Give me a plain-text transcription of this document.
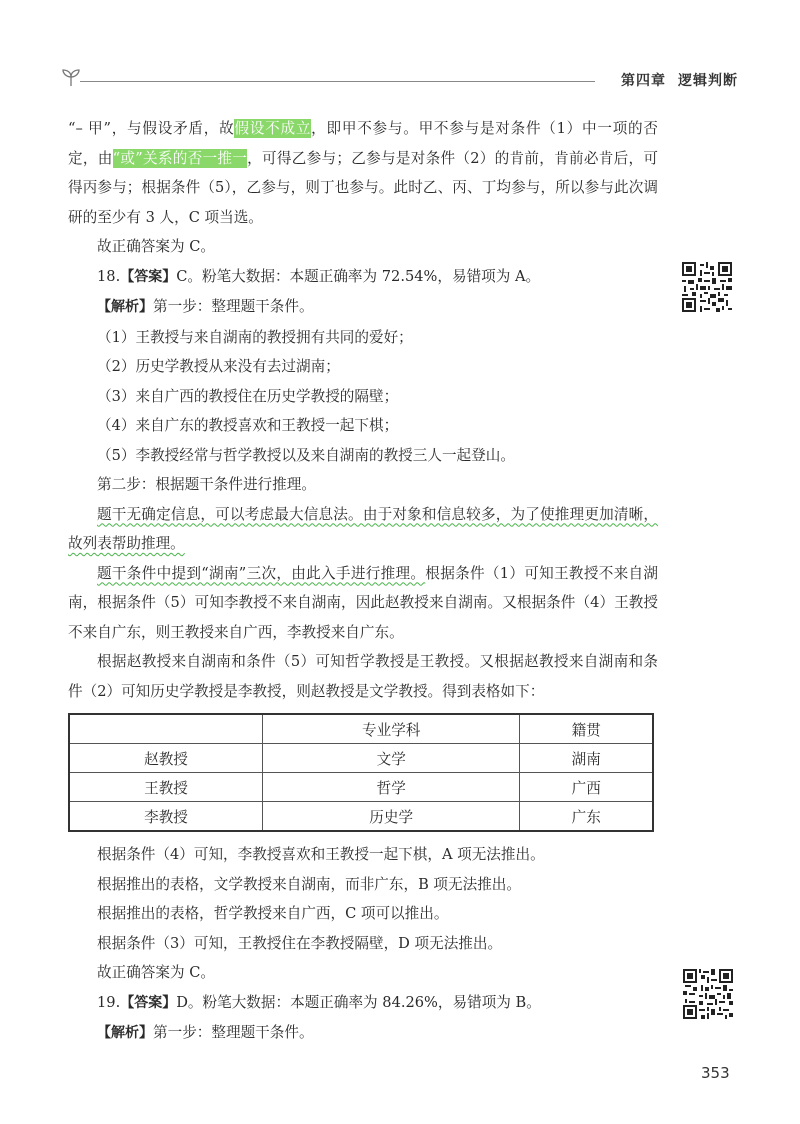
第四章 逻辑判断

“– 甲”，与假设矛盾，故假设不成立，即甲不参与。甲不参与是对条件（1）中一项的否定，由“或”关系的否一推一，可得乙参与；乙参与是对条件（2）的肯前，肯前必肯后，可得丙参与；根据条件（5），乙参与，则丁也参与。此时乙、丙、丁均参与，所以参与此次调研的至少有 3 人，C 项当选。

故正确答案为 C。

18.【答案】C。粉笔大数据：本题正确率为 72.54%，易错项为 A。

【解析】第一步：整理题干条件。

（1）王教授与来自湖南的教授拥有共同的爱好；

（2）历史学教授从来没有去过湖南；

（3）来自广西的教授住在历史学教授的隔壁；

（4）来自广东的教授喜欢和王教授一起下棋；

（5）李教授经常与哲学教授以及来自湖南的教授三人一起登山。

第二步：根据题干条件进行推理。

题干无确定信息，可以考虑最大信息法。由于对象和信息较多，为了使推理更加清晰，故列表帮助推理。

题干条件中提到“湖南”三次，由此入手进行推理。根据条件（1）可知王教授不来自湖南，根据条件（5）可知李教授不来自湖南，因此赵教授来自湖南。又根据条件（4）王教授不来自广东，则王教授来自广西，李教授来自广东。

根据赵教授来自湖南和条件（5）可知哲学教授是王教授。又根据赵教授来自湖南和条件（2）可知历史学教授是李教授，则赵教授是文学教授。得到表格如下：

	专业学科	籍贯
赵教授	文学	湖南
王教授	哲学	广西
李教授	历史学	广东

根据条件（4）可知，李教授喜欢和王教授一起下棋，A 项无法推出。

根据推出的表格，文学教授来自湖南，而非广东，B 项无法推出。

根据推出的表格，哲学教授来自广西，C 项可以推出。

根据条件（3）可知，王教授住在李教授隔壁，D 项无法推出。

故正确答案为 C。

19.【答案】D。粉笔大数据：本题正确率为 84.26%，易错项为 B。

【解析】第一步：整理题干条件。

353
